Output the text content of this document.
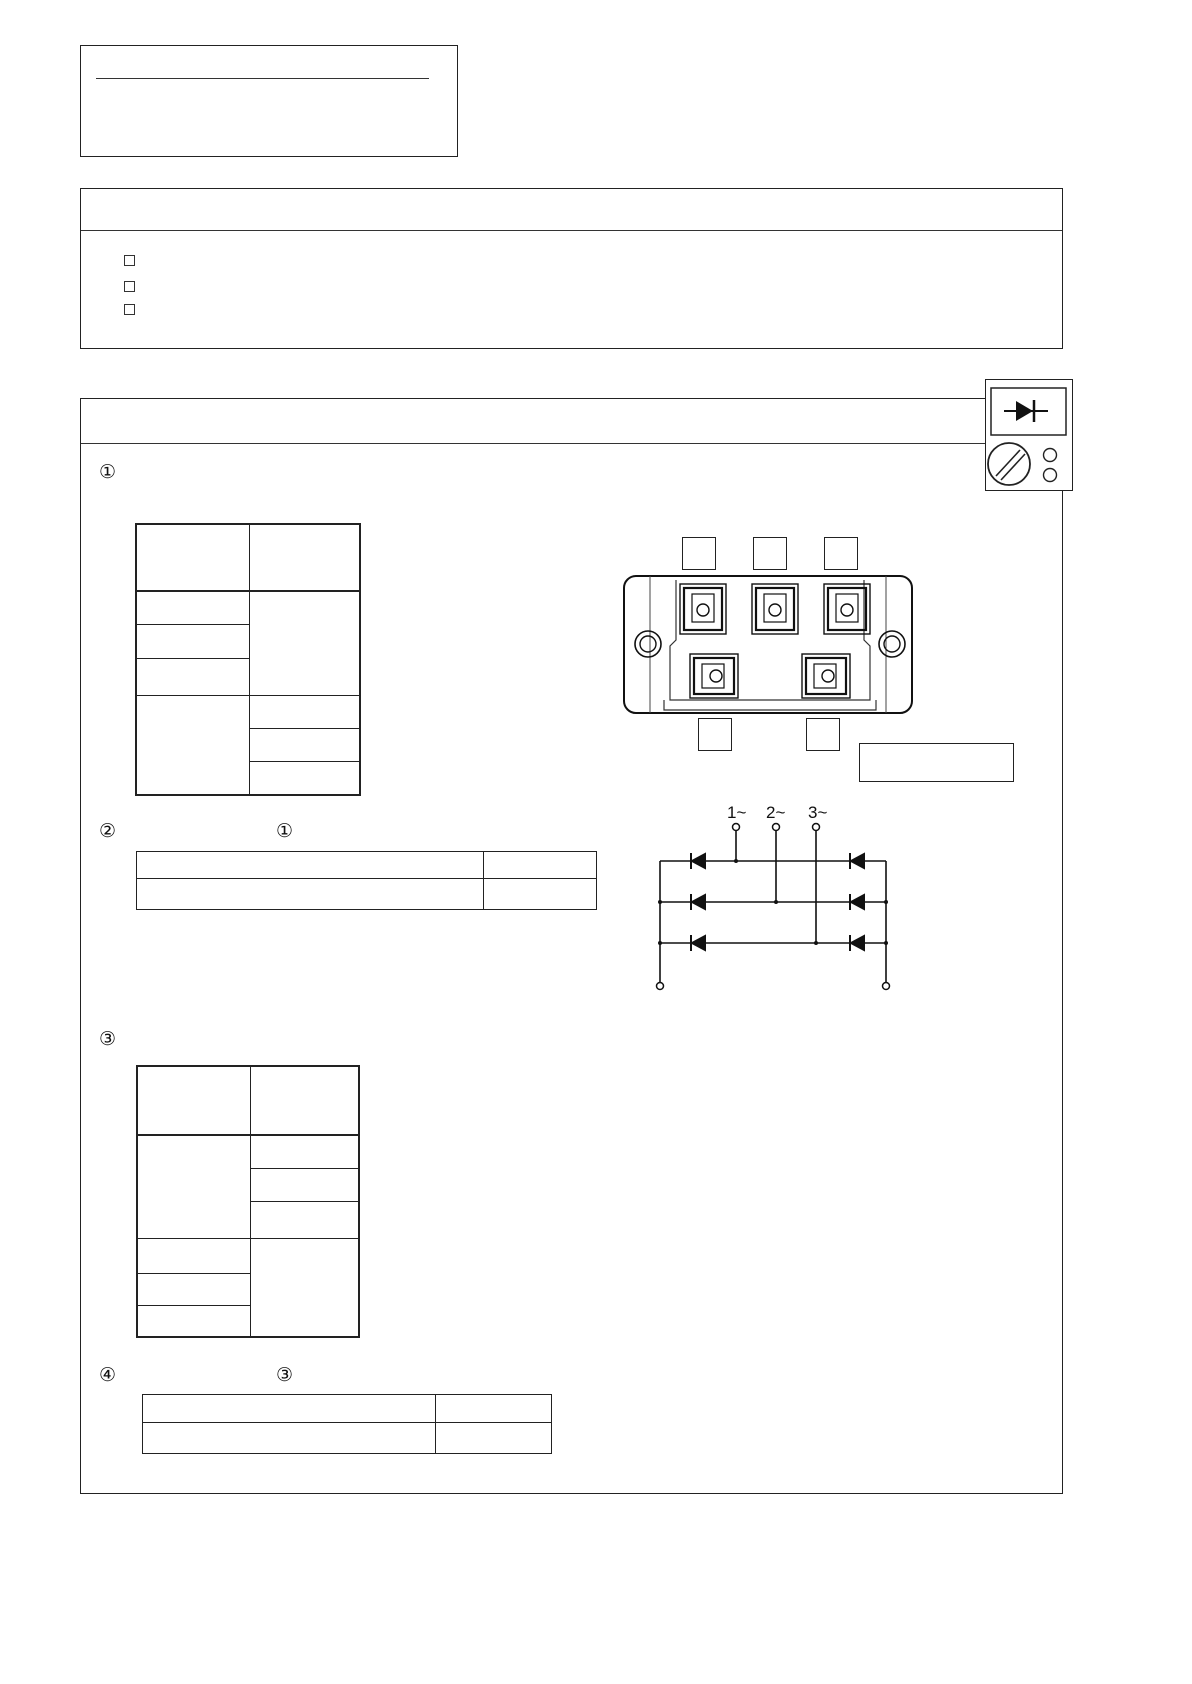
①
②	①
③
④	③

1~ 2~ 3~
